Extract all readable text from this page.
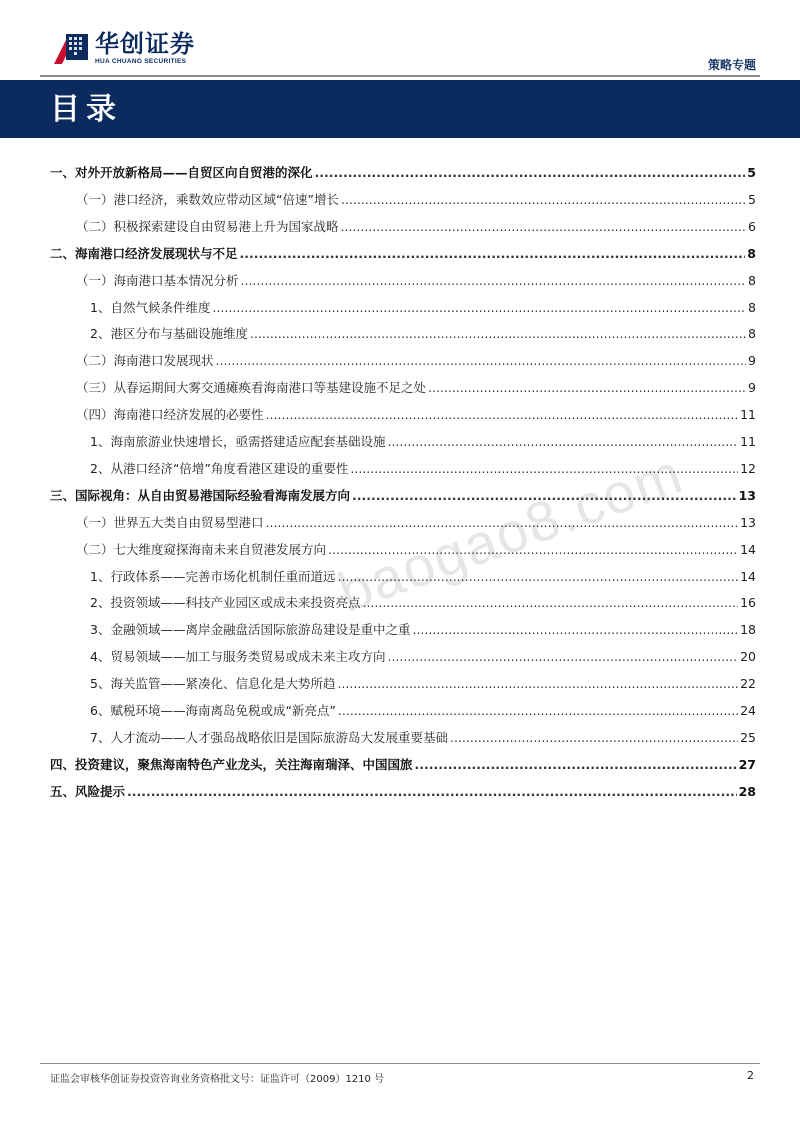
华创证券
HUA CHUANG SECURITIES	策略专题
目录
baogao8.com
一、对外开放新格局——自贸区向自贸港的深化 .....	5
（一）港口经济，乘数效应带动区域“倍速”增长 .....	5
（二）积极探索建设自由贸易港上升为国家战略 .....	6
二、海南港口经济发展现状与不足 .....	8
（一）海南港口基本情况分析 .....	8
1、自然气候条件维度 .....	8
2、港区分布与基础设施维度 .....	8
（二）海南港口发展现状 .....	9
（三）从春运期间大雾交通瘫痪看海南港口等基建设施不足之处 .....	9
（四）海南港口经济发展的必要性 .....	11
1、海南旅游业快速增长，亟需搭建适应配套基础设施 .....	11
2、从港口经济“倍增”角度看港区建设的重要性 .....	12
三、国际视角：从自由贸易港国际经验看海南发展方向 .....	13
（一）世界五大类自由贸易型港口 .....	13
（二）七大维度窥探海南未来自贸港发展方向 .....	14
1、行政体系——完善市场化机制任重而道远 .....	14
2、投资领域——科技产业园区或成未来投资亮点 .....	16
3、金融领域——离岸金融盘活国际旅游岛建设是重中之重 .....	18
4、贸易领域——加工与服务类贸易或成未来主攻方向 .....	20
5、海关监管——紧凑化、信息化是大势所趋 .....	22
6、赋税环境——海南离岛免税或成“新亮点” .....	24
7、人才流动——人才强岛战略依旧是国际旅游岛大发展重要基础 .....	25
四、投资建议，聚焦海南特色产业龙头，关注海南瑞泽、中国国旅 .....	27
五、风险提示 .....	28
证监会审核华创证券投资咨询业务资格批文号：证监许可（2009）1210 号	2
